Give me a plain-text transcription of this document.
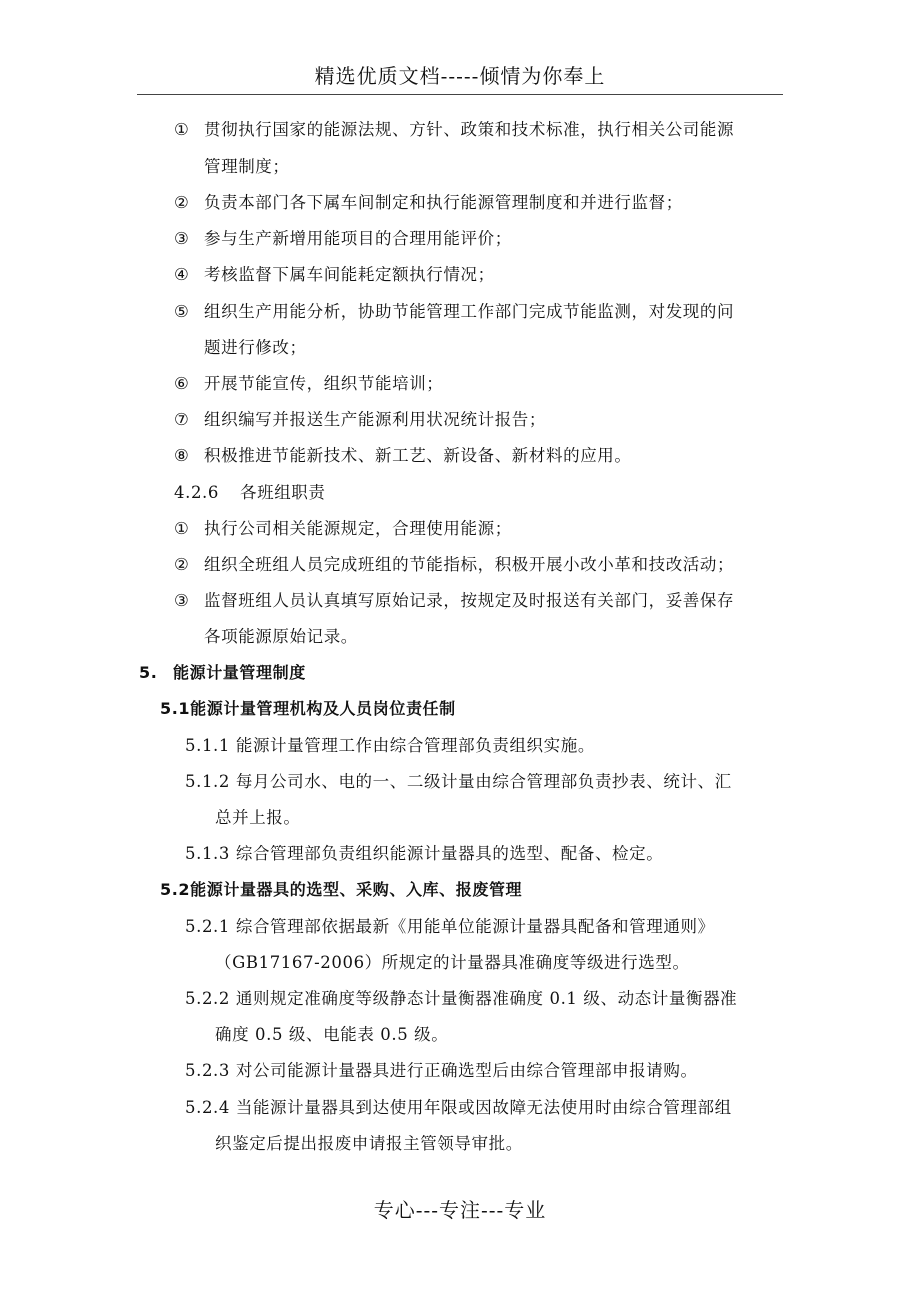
精选优质文档-----倾情为你奉上
① 贯彻执行国家的能源法规、方针、政策和技术标准，执行相关公司能源
管理制度；
② 负责本部门各下属车间制定和执行能源管理制度和并进行监督；
③ 参与生产新增用能项目的合理用能评价；
④ 考核监督下属车间能耗定额执行情况；
⑤ 组织生产用能分析，协助节能管理工作部门完成节能监测，对发现的问
题进行修改；
⑥ 开展节能宣传，组织节能培训；
⑦ 组织编写并报送生产能源利用状况统计报告；
⑧ 积极推进节能新技术、新工艺、新设备、新材料的应用。
4.2.6 各班组职责
① 执行公司相关能源规定，合理使用能源；
② 组织全班组人员完成班组的节能指标，积极开展小改小革和技改活动；
③ 监督班组人员认真填写原始记录，按规定及时报送有关部门，妥善保存
各项能源原始记录。
5. 能源计量管理制度
5.1能源计量管理机构及人员岗位责任制
5.1.1 能源计量管理工作由综合管理部负责组织实施。
5.1.2 每月公司水、电的一、二级计量由综合管理部负责抄表、统计、汇
总并上报。
5.1.3 综合管理部负责组织能源计量器具的选型、配备、检定。
5.2能源计量器具的选型、采购、入库、报废管理
5.2.1 综合管理部依据最新《用能单位能源计量器具配备和管理通则》
（GB17167-2006）所规定的计量器具准确度等级进行选型。
5.2.2 通则规定准确度等级静态计量衡器准确度 0.1 级、动态计量衡器准
确度 0.5 级、电能表 0.5 级。
5.2.3 对公司能源计量器具进行正确选型后由综合管理部申报请购。
5.2.4 当能源计量器具到达使用年限或因故障无法使用时由综合管理部组
织鉴定后提出报废申请报主管领导审批。
专心---专注---专业
